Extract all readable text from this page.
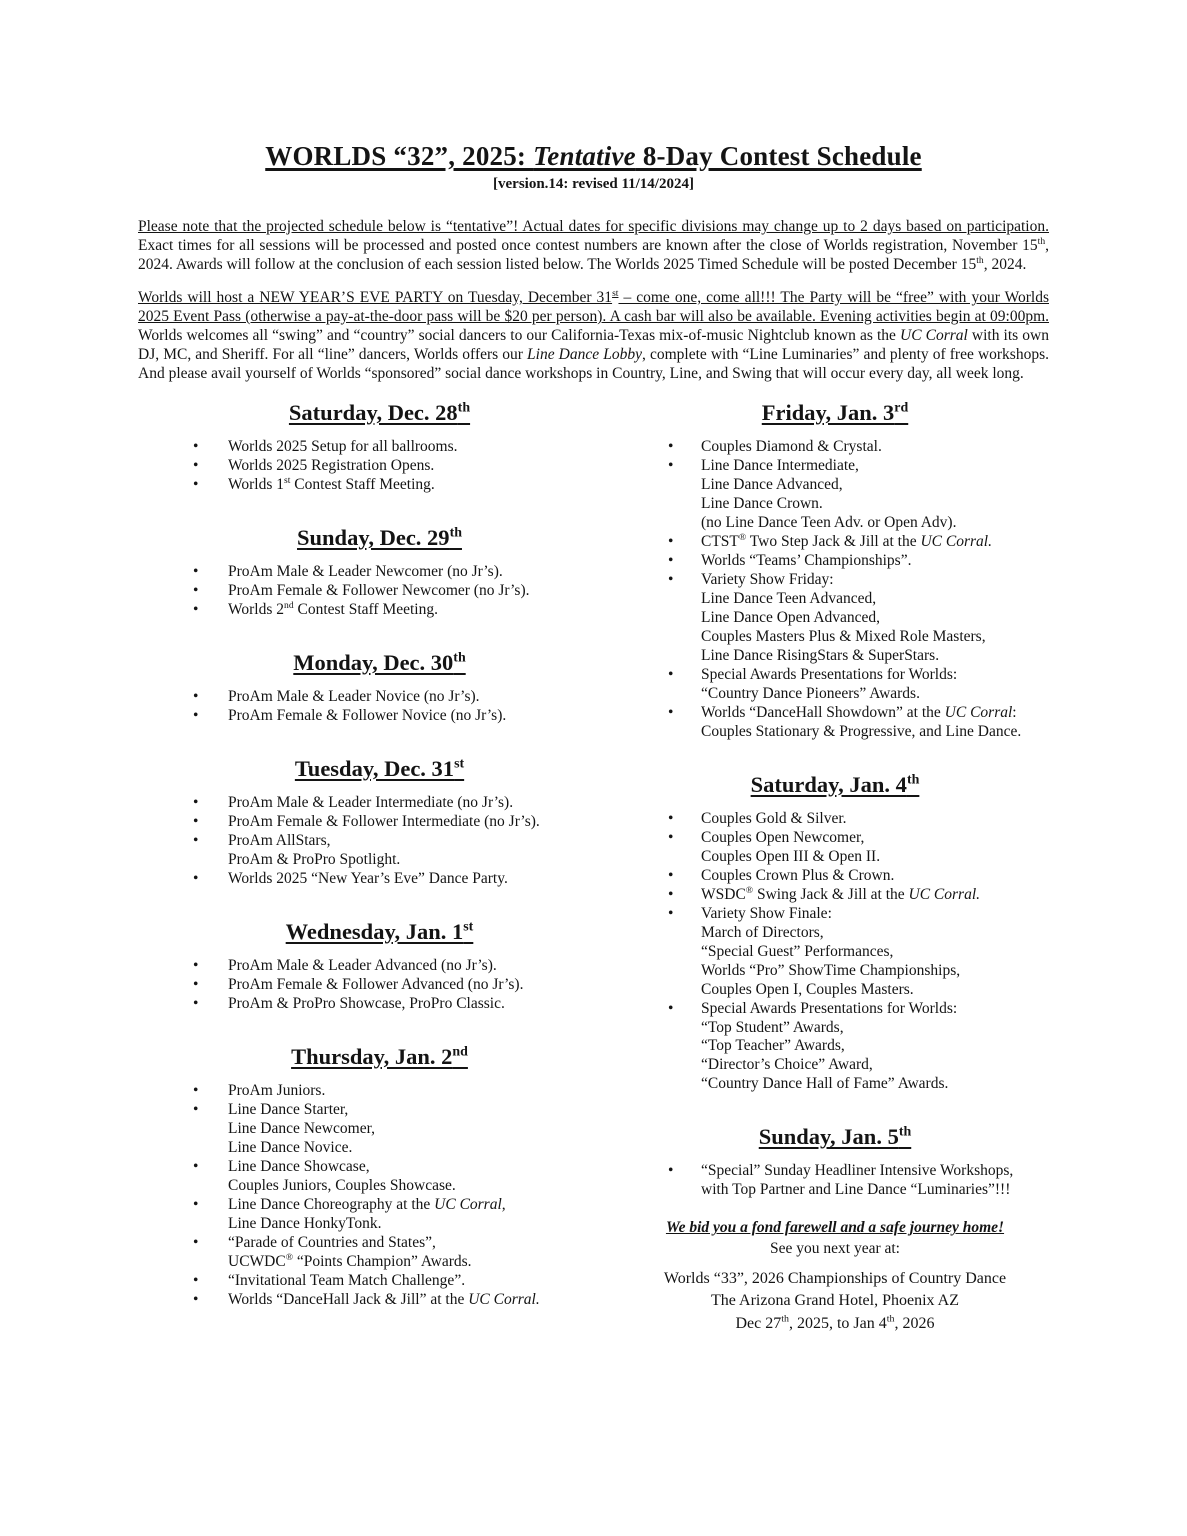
WORLDS “32”, 2025: Tentative 8-Day Contest Schedule
[version.14: revised 11/14/2024]
Please note that the projected schedule below is “tentative”! Actual dates for specific divisions may change up to 2 days based on participation. Exact times for all sessions will be processed and posted once contest numbers are known after the close of Worlds registration, November 15th, 2024. Awards will follow at the conclusion of each session listed below. The Worlds 2025 Timed Schedule will be posted December 15th, 2024.
Worlds will host a NEW YEAR’S EVE PARTY on Tuesday, December 31st – come one, come all!!! The Party will be “free” with your Worlds 2025 Event Pass (otherwise a pay-at-the-door pass will be $20 per person). A cash bar will also be available. Evening activities begin at 09:00pm. Worlds welcomes all “swing” and “country” social dancers to our California-Texas mix-of-music Nightclub known as the UC Corral with its own DJ, MC, and Sheriff. For all “line” dancers, Worlds offers our Line Dance Lobby, complete with “Line Luminaries” and plenty of free workshops. And please avail yourself of Worlds “sponsored” social dance workshops in Country, Line, and Swing that will occur every day, all week long.
Saturday, Dec. 28th
• Worlds 2025 Setup for all ballrooms.
• Worlds 2025 Registration Opens.
• Worlds 1st Contest Staff Meeting.
Sunday, Dec. 29th
• ProAm Male & Leader Newcomer (no Jr’s).
• ProAm Female & Follower Newcomer (no Jr’s).
• Worlds 2nd Contest Staff Meeting.
Monday, Dec. 30th
• ProAm Male & Leader Novice (no Jr’s).
• ProAm Female & Follower Novice (no Jr’s).
Tuesday, Dec. 31st
• ProAm Male & Leader Intermediate (no Jr’s).
• ProAm Female & Follower Intermediate (no Jr’s).
• ProAm AllStars,
ProAm & ProPro Spotlight.
• Worlds 2025 “New Year’s Eve” Dance Party.
Wednesday, Jan. 1st
• ProAm Male & Leader Advanced (no Jr’s).
• ProAm Female & Follower Advanced (no Jr’s).
• ProAm & ProPro Showcase, ProPro Classic.
Thursday, Jan. 2nd
• ProAm Juniors.
• Line Dance Starter,
Line Dance Newcomer,
Line Dance Novice.
• Line Dance Showcase,
Couples Juniors, Couples Showcase.
• Line Dance Choreography at the UC Corral,
Line Dance HonkyTonk.
• “Parade of Countries and States”,
UCWDC® “Points Champion” Awards.
• “Invitational Team Match Challenge”.
• Worlds “DanceHall Jack & Jill” at the UC Corral.
Friday, Jan. 3rd
• Couples Diamond & Crystal.
• Line Dance Intermediate,
Line Dance Advanced,
Line Dance Crown.
(no Line Dance Teen Adv. or Open Adv).
• CTST® Two Step Jack & Jill at the UC Corral.
• Worlds “Teams’ Championships”.
• Variety Show Friday:
Line Dance Teen Advanced,
Line Dance Open Advanced,
Couples Masters Plus & Mixed Role Masters,
Line Dance RisingStars & SuperStars.
• Special Awards Presentations for Worlds:
“Country Dance Pioneers” Awards.
• Worlds “DanceHall Showdown” at the UC Corral:
Couples Stationary & Progressive, and Line Dance.
Saturday, Jan. 4th
• Couples Gold & Silver.
• Couples Open Newcomer,
Couples Open III & Open II.
• Couples Crown Plus & Crown.
• WSDC® Swing Jack & Jill at the UC Corral.
• Variety Show Finale:
March of Directors,
“Special Guest” Performances,
Worlds “Pro” ShowTime Championships,
Couples Open I, Couples Masters.
• Special Awards Presentations for Worlds:
“Top Student” Awards,
“Top Teacher” Awards,
“Director’s Choice” Award,
“Country Dance Hall of Fame” Awards.
Sunday, Jan. 5th
• “Special” Sunday Headliner Intensive Workshops,
with Top Partner and Line Dance “Luminaries”!!!
We bid you a fond farewell and a safe journey home!
See you next year at:
Worlds “33”, 2026 Championships of Country Dance
The Arizona Grand Hotel, Phoenix AZ
Dec 27th, 2025, to Jan 4th, 2026
